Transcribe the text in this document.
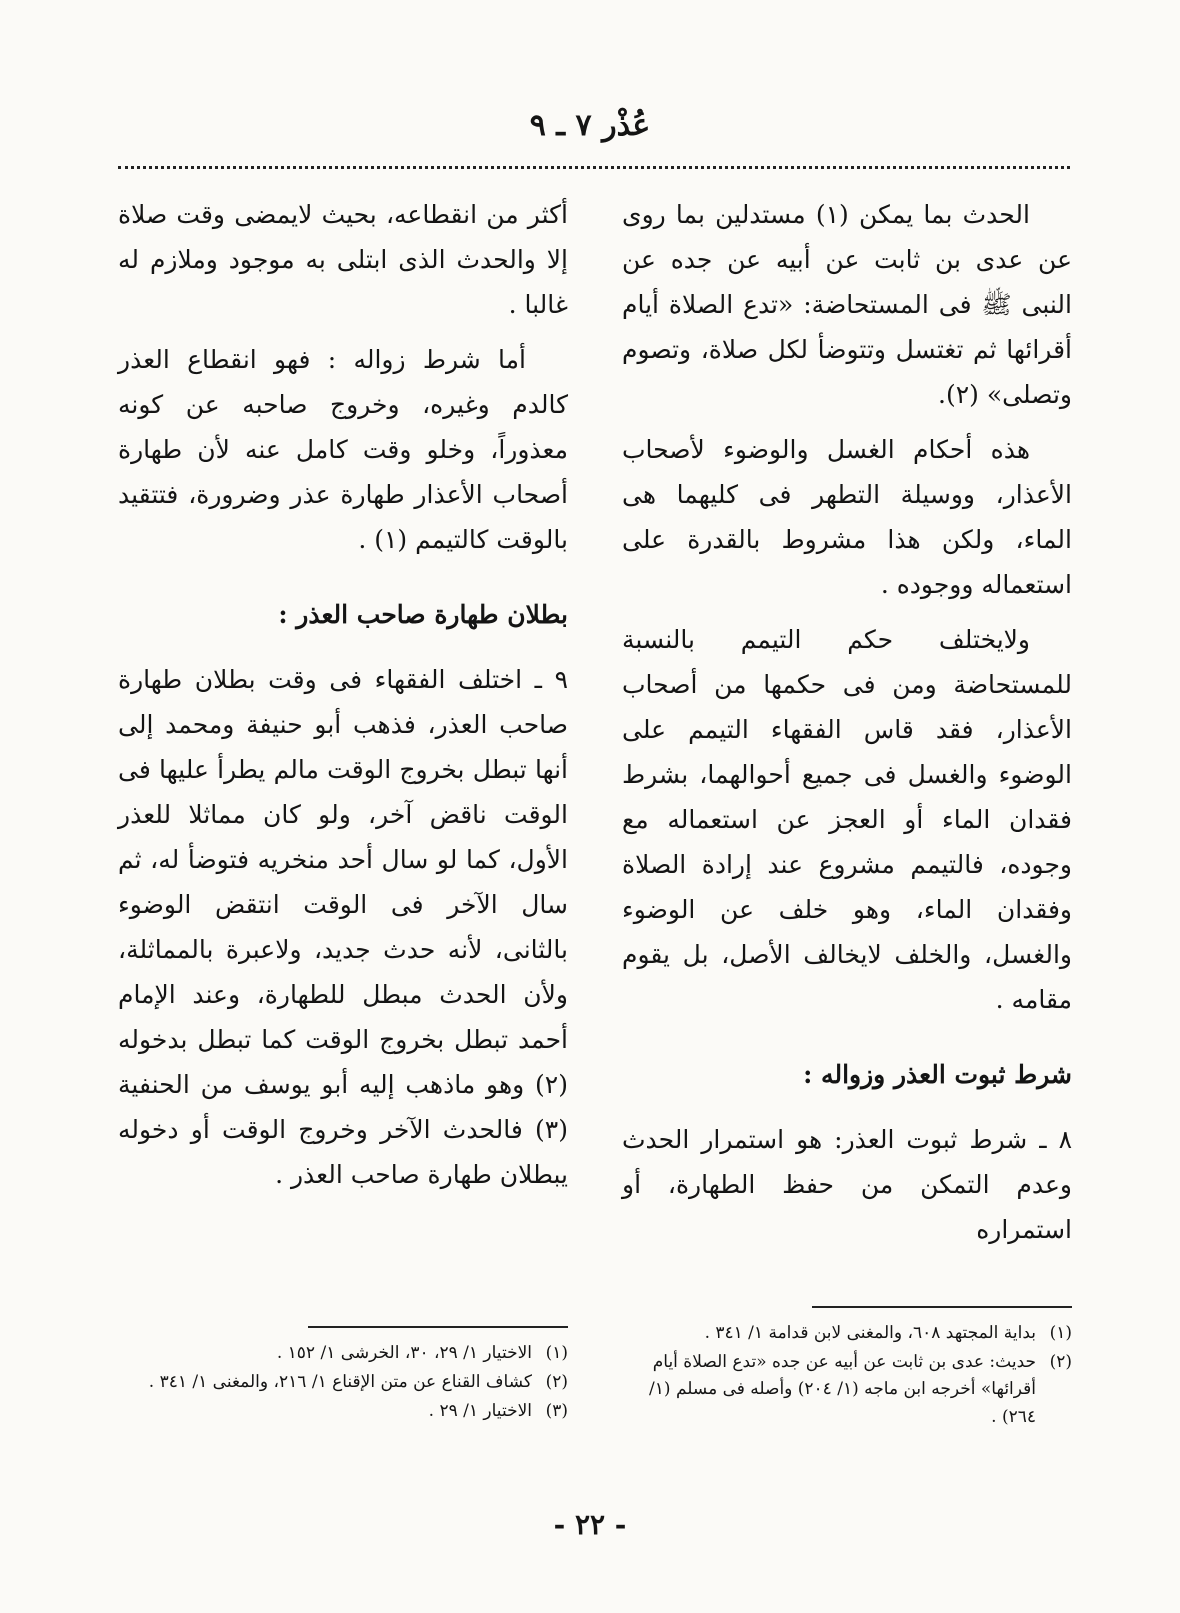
عُذْر ٧ ـ ٩

الحدث بما يمكن (١) مستدلين بما روى عن عدى بن ثابت عن أبيه عن جده عن النبى ﷺ فى المستحاضة: «تدع الصلاة أيام أقرائها ثم تغتسل وتتوضأ لكل صلاة، وتصوم وتصلى» (٢).

هذه أحكام الغسل والوضوء لأصحاب الأعذار، ووسيلة التطهر فى كليهما هى الماء، ولكن هذا مشروط بالقدرة على استعماله ووجوده .

ولايختلف حكم التيمم بالنسبة للمستحاضة ومن فى حكمها من أصحاب الأعذار، فقد قاس الفقهاء التيمم على الوضوء والغسل فى جميع أحوالهما، بشرط فقدان الماء أو العجز عن استعماله مع وجوده، فالتيمم مشروع عند إرادة الصلاة وفقدان الماء، وهو خلف عن الوضوء والغسل، والخلف لايخالف الأصل، بل يقوم مقامه .

شرط ثبوت العذر وزواله :

٨ ـ شرط ثبوت العذر: هو استمرار الحدث وعدم التمكن من حفظ الطهارة، أو استمراره

أكثر من انقطاعه، بحيث لايمضى وقت صلاة إلا والحدث الذى ابتلى به موجود وملازم له غالبا .

أما شرط زواله : فهو انقطاع العذر كالدم وغيره، وخروج صاحبه عن كونه معذوراً، وخلو وقت كامل عنه لأن طهارة أصحاب الأعذار طهارة عذر وضرورة، فتتقيد بالوقت كالتيمم (١) .

بطلان طهارة صاحب العذر :

٩ ـ اختلف الفقهاء فى وقت بطلان طهارة صاحب العذر، فذهب أبو حنيفة ومحمد إلى أنها تبطل بخروج الوقت مالم يطرأ عليها فى الوقت ناقض آخر، ولو كان مماثلا للعذر الأول، كما لو سال أحد منخريه فتوضأ له، ثم سال الآخر فى الوقت انتقض الوضوء بالثانى، لأنه حدث جديد، ولاعبرة بالمماثلة، ولأن الحدث مبطل للطهارة، وعند الإمام أحمد تبطل بخروج الوقت كما تبطل بدخوله (٢) وهو ماذهب إليه أبو يوسف من الحنفية (٣) فالحدث الآخر وخروج الوقت أو دخوله يبطلان طهارة صاحب العذر .

(١)بداية المجتهد ٦٠٨، والمغنى لابن قدامة ١/ ٣٤١ .
(٢)حديث: عدى بن ثابت عن أبيه عن جده «تدع الصلاة أيام أقرائها» أخرجه ابن ماجه (١/ ٢٠٤) وأصله فى مسلم (١/ ٢٦٤) .
(١)الاختيار ١/ ٢٩، ٣٠، الخرشى ١/ ١٥٢ .
(٢)كشاف القناع عن متن الإقناع ١/ ٢١٦، والمغنى ١/ ٣٤١ .
(٣)الاختيار ١/ ٢٩ .
- ٢٢ -
